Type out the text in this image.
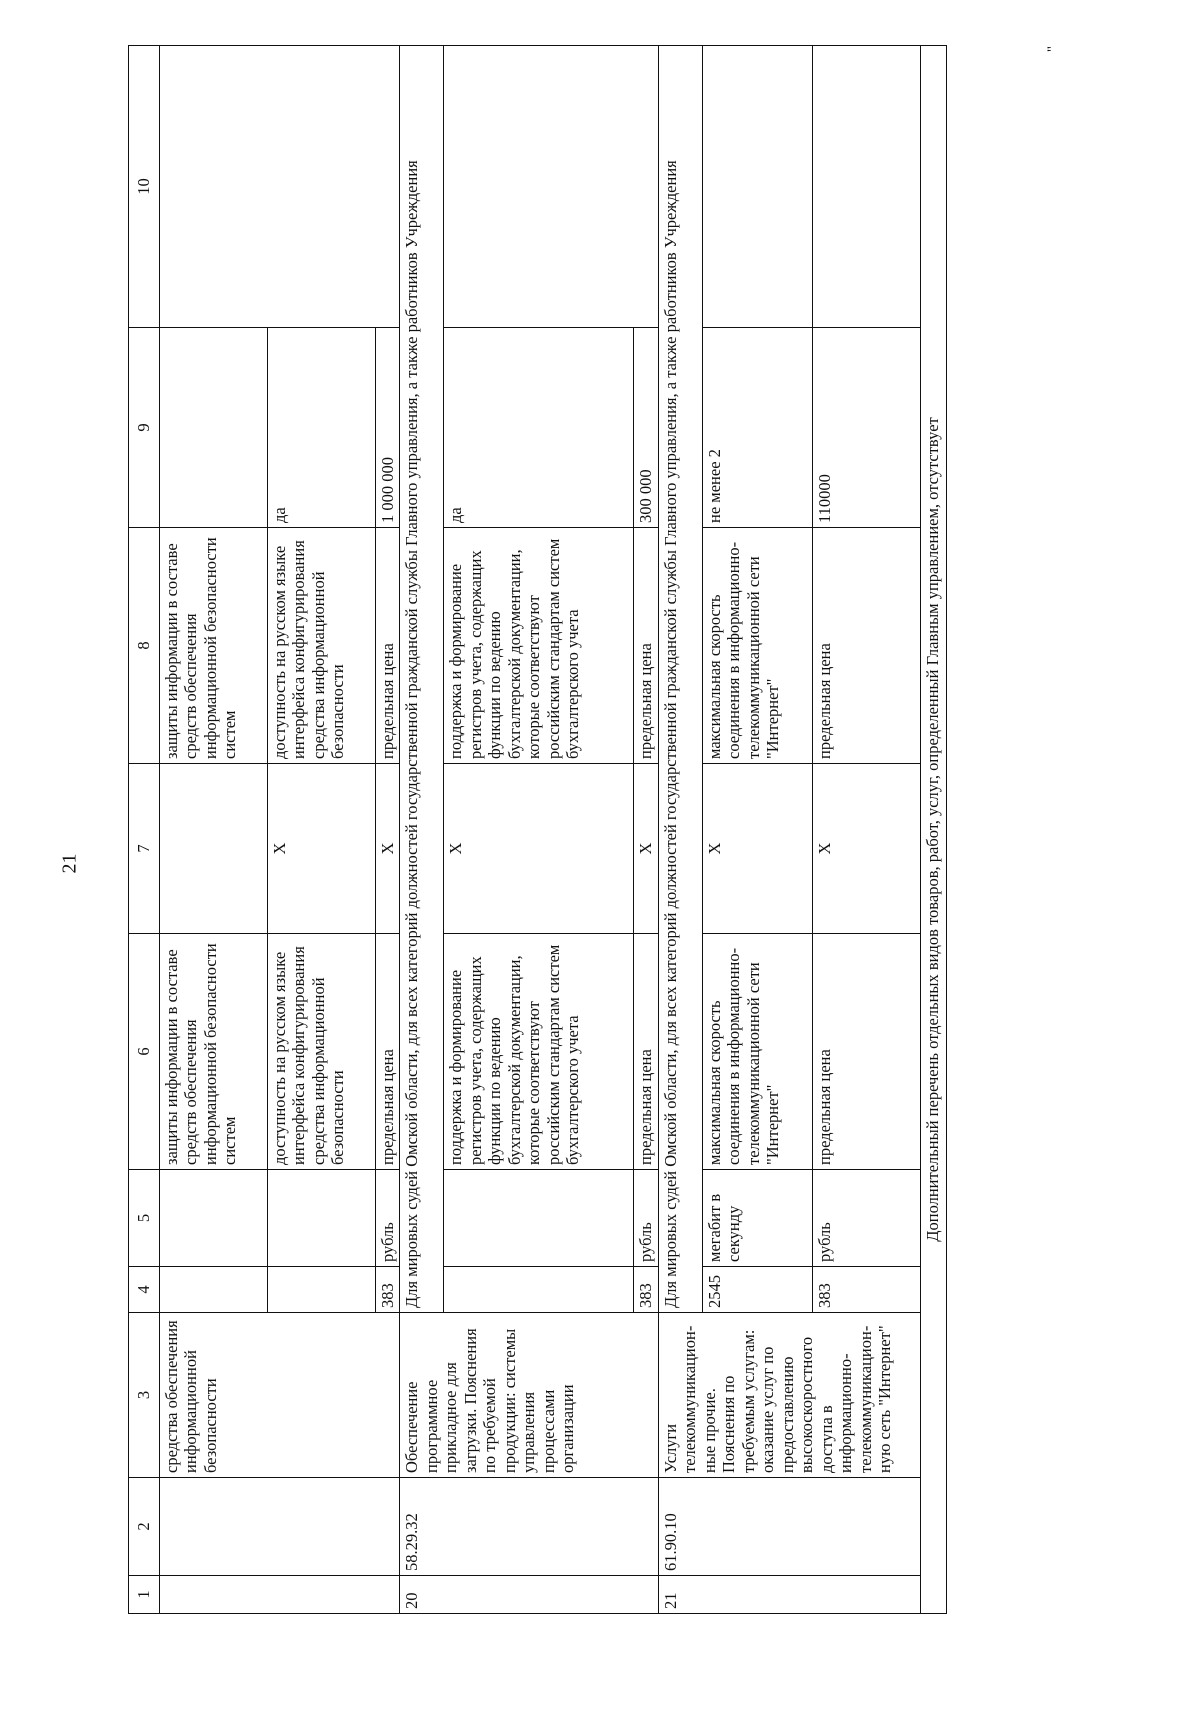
21
1	2	3	4	5	6	7	8	9	10
		средства обеспечения информационной безопасности			защиты информации в составе средств обеспечения информационной безопасности систем		защиты информации в составе средств обеспечения информационной безопасности систем		
					доступность на русском языке интерфейса конфигурирования средства информационной безопасности	X	доступность на русском языке интерфейса конфигурирования средства информационной безопасности	да	
			383	рубль	предельная цена	X	предельная цена	1 000 000	
20	58.29.32	Обеспечение программное прикладное для загрузки. Пояснения по требуемой продукции: системы управления процессами организации	Для мировых судей Омской области, для всех категорий должностей государственной гражданской службы Главного управления, а также работников Учреждения						
					поддержка и формирование регистров учета, содержащих функции по ведению бухгалтерской документации, которые соответствуют российским стандартам систем бухгалтерского учета	X	поддержка и формирование регистров учета, содержащих функции по ведению бухгалтерской документации, которые соответствуют российским стандартам систем бухгалтерского учета	да	
			383	рубль	предельная цена	X	предельная цена	300 000	
21	61.90.10	Услуги телекоммуникацион-ные прочие. Пояснения по требуемым услугам: оказание услуг по предоставлению высокоскоростного доступа в информационно-телекоммуникацион-ную сеть "Интернет"	Для мировых судей Омской области, для всех категорий должностей государственной гражданской службы Главного управления, а также работников Учреждения						
			2545	мегабит в секунду	максимальная скорость соединения в информационно-телекоммуникационной сети "Интернет"	X	максимальная скорость соединения в информационно-телекоммуникационной сети "Интернет"	не менее 2	
			383	рубль	предельная цена	X	предельная цена	110000	
Дополнительный перечень отдельных видов товаров, работ, услуг, определенный Главным управлением, отсутствует									
"
